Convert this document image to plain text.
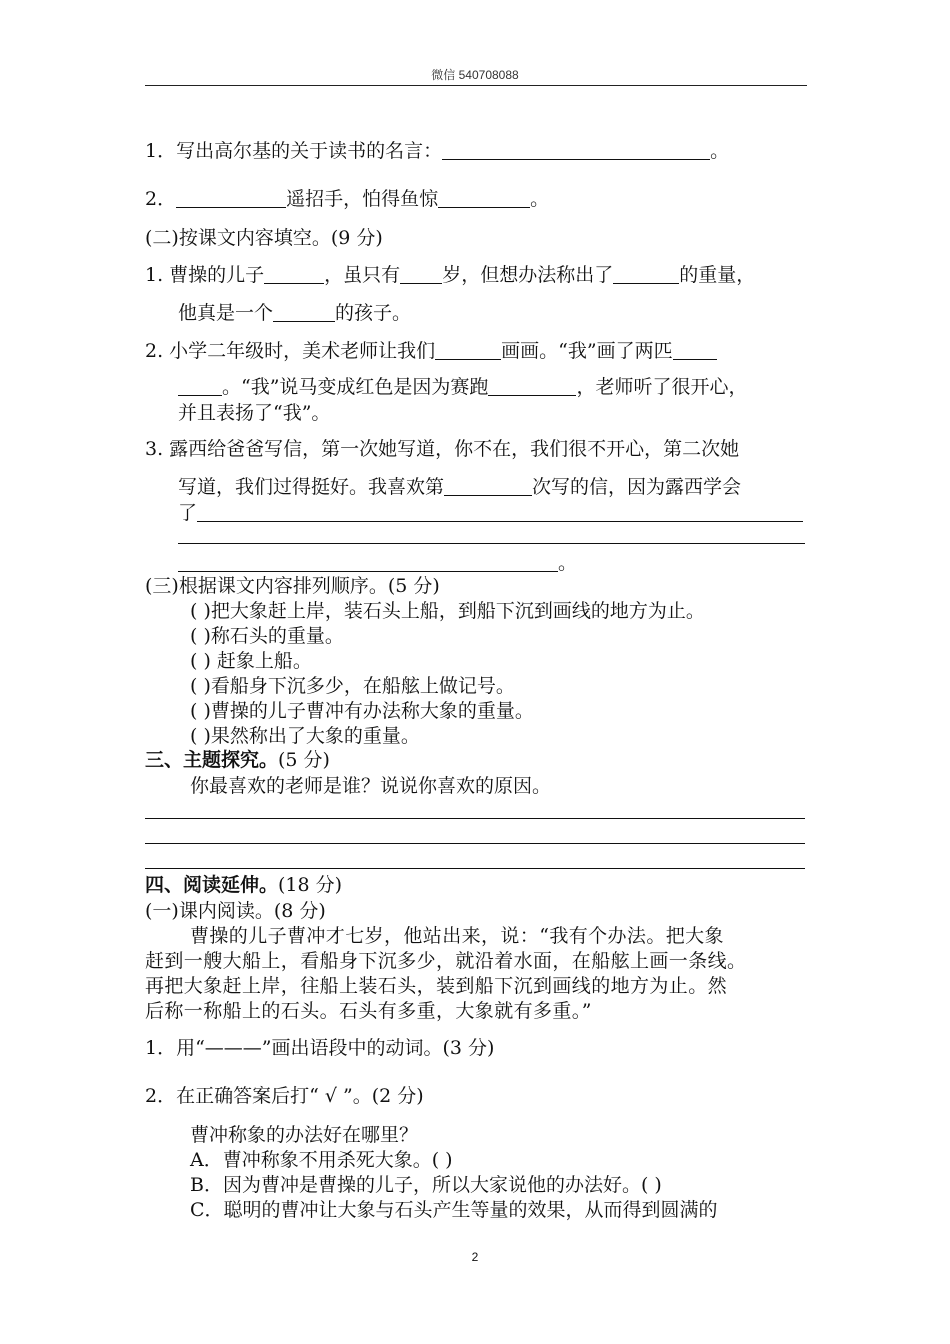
微信 540708088
1．写出高尔基的关于读书的名言：	。
2．	遥招手，怕得鱼惊	。
(二)按课文内容填空。(9 分)
1. 曹操的儿子	，虽只有 岁，但想办法称出了	的重量，
他真是一个	的孩子。
2. 小学二年级时，美术老师让我们	画画。“我”画了两匹
。“我”说马变成红色是因为赛跑	，老师听了很开心，
并且表扬了“我”。
3. 露西给爸爸写信，第一次她写道，你不在，我们很不开心，第二次她
写道，我们过得挺好。我喜欢第	次写的信，因为露西学会
了
。
(三)根据课文内容排列顺序。(5 分)
( )把大象赶上岸，装石头上船，到船下沉到画线的地方为止。
( )称石头的重量。
( ) 赶象上船。
( )看船身下沉多少，在船舷上做记号。
( )曹操的儿子曹冲有办法称大象的重量。
( )果然称出了大象的重量。
三、主题探究。(5 分)
你最喜欢的老师是谁？说说你喜欢的原因。
四、阅读延伸。(18 分)
(一)课内阅读。(8 分)
曹操的儿子曹冲才七岁，他站出来，说：“我有个办法。把大象
赶到一艘大船上，看船身下沉多少，就沿着水面，在船舷上画一条线。
再把大象赶上岸，往船上装石头，装到船下沉到画线的地方为止。然
后称一称船上的石头。石头有多重，大象就有多重。”
1．用“———”画出语段中的动词。(3 分)
2．在正确答案后打“ √ ”。(2 分)
曹冲称象的办法好在哪里？
A．曹冲称象不用杀死大象。( )
B．因为曹冲是曹操的儿子，所以大家说他的办法好。( )
C．聪明的曹冲让大象与石头产生等量的效果，从而得到圆满的
2
